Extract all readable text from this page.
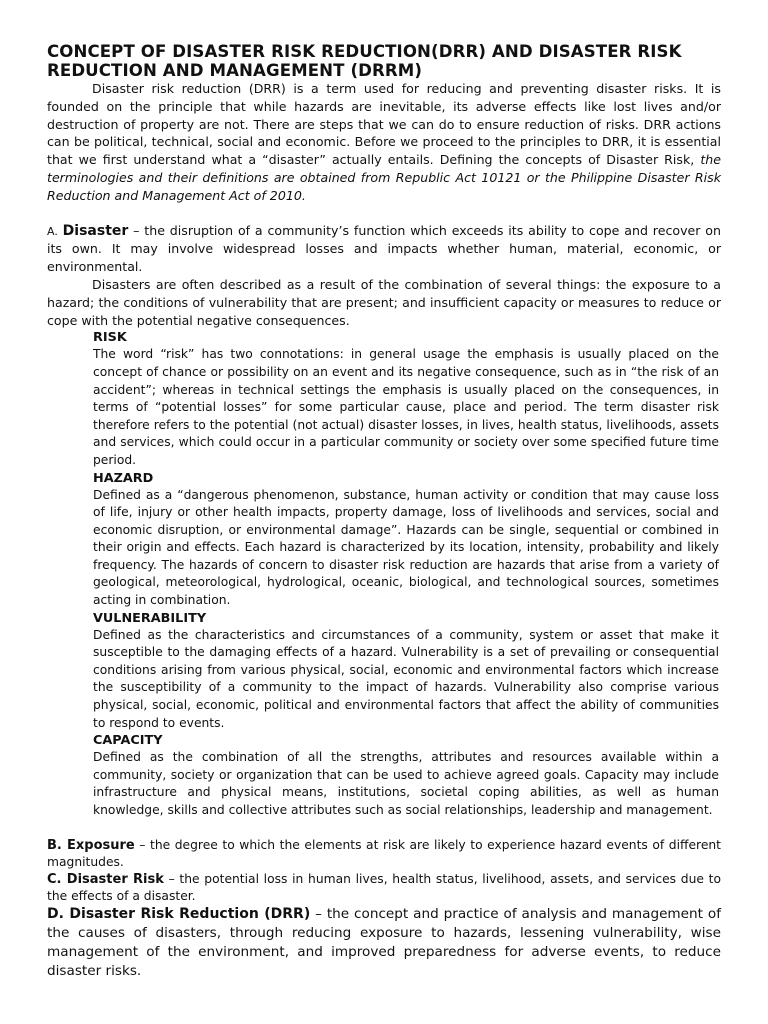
CONCEPT OF DISASTER RISK REDUCTION(DRR) AND DISASTER RISK REDUCTION AND MANAGEMENT (DRRM)

Disaster risk reduction (DRR) is a term used for reducing and preventing disaster risks. It is founded on the principle that while hazards are inevitable, its adverse effects like lost lives and/or destruction of property are not. There are steps that we can do to ensure reduction of risks. DRR actions can be political, technical, social and economic. Before we proceed to the principles to DRR, it is essential that we first understand what a “disaster” actually entails. Defining the concepts of Disaster Risk, the terminologies and their definitions are obtained from Republic Act 10121 or the Philippine Disaster Risk Reduction and Management Act of 2010.

A. Disaster – the disruption of a community’s function which exceeds its ability to cope and recover on its own. It may involve widespread losses and impacts whether human, material, economic, or environmental.

Disasters are often described as a result of the combination of several things: the exposure to a hazard; the conditions of vulnerability that are present; and insufficient capacity or measures to reduce or cope with the potential negative consequences.

RISK

The word “risk” has two connotations: in general usage the emphasis is usually placed on the concept of chance or possibility on an event and its negative consequence, such as in “the risk of an accident”; whereas in technical settings the emphasis is usually placed on the consequences, in terms of “potential losses” for some particular cause, place and period. The term disaster risk therefore refers to the potential (not actual) disaster losses, in lives, health status, livelihoods, assets and services, which could occur in a particular community or society over some specified future time period.

HAZARD

Defined as a “dangerous phenomenon, substance, human activity or condition that may cause loss of life, injury or other health impacts, property damage, loss of livelihoods and services, social and economic disruption, or environmental damage”. Hazards can be single, sequential or combined in their origin and effects. Each hazard is characterized by its location, intensity, probability and likely frequency. The hazards of concern to disaster risk reduction are hazards that arise from a variety of geological, meteorological, hydrological, oceanic, biological, and technological sources, sometimes acting in combination.

VULNERABILITY

Defined as the characteristics and circumstances of a community, system or asset that make it susceptible to the damaging effects of a hazard. Vulnerability is a set of prevailing or consequential conditions arising from various physical, social, economic and environmental factors which increase the susceptibility of a community to the impact of hazards. Vulnerability also comprise various physical, social, economic, political and environmental factors that affect the ability of communities to respond to events.

CAPACITY

Defined as the combination of all the strengths, attributes and resources available within a community, society or organization that can be used to achieve agreed goals. Capacity may include infrastructure and physical means, institutions, societal coping abilities, as well as human knowledge, skills and collective attributes such as social relationships, leadership and management.

B. Exposure – the degree to which the elements at risk are likely to experience hazard events of different magnitudes.

C. Disaster Risk – the potential loss in human lives, health status, livelihood, assets, and services due to the effects of a disaster.

D. Disaster Risk Reduction (DRR) – the concept and practice of analysis and management of the causes of disasters, through reducing exposure to hazards, lessening vulnerability, wise management of the environment, and improved preparedness for adverse events, to reduce disaster risks.
